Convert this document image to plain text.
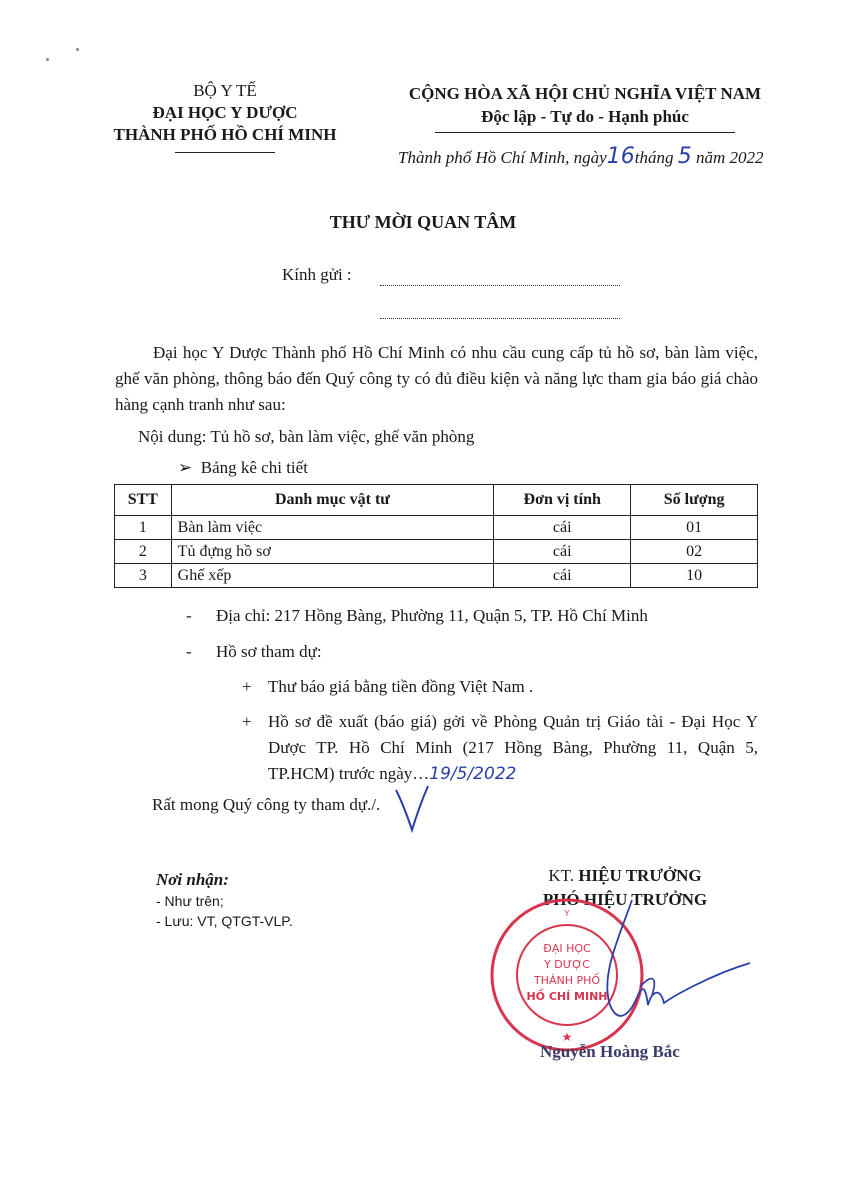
BỘ Y TẾ
ĐẠI HỌC Y DƯỢC
THÀNH PHỐ HỒ CHÍ MINH
CỘNG HÒA XÃ HỘI CHỦ NGHĨA VIỆT NAM
Độc lập - Tự do - Hạnh phúc
Thành phố Hồ Chí Minh, ngày16tháng 5 năm 2022
THƯ MỜI QUAN TÂM
Kính gửi :
Đại học Y Dược Thành phố Hồ Chí Minh có nhu cầu cung cấp tủ hồ sơ, bàn làm việc, ghế văn phòng, thông báo đến Quý công ty có đủ điều kiện và năng lực tham gia báo giá chào hàng cạnh tranh như sau:
Nội dung: Tủ hồ sơ, bàn làm việc, ghế văn phòng
➢ Bảng kê chi tiết
STT	Danh mục vật tư	Đơn vị tính	Số lượng
1	Bàn làm việc	cái	01
2	Tủ đựng hồ sơ	cái	02
3	Ghế xếp	cái	10
- Địa chỉ: 217 Hồng Bàng, Phường 11, Quận 5, TP. Hồ Chí Minh
- Hồ sơ tham dự:
+ Thư báo giá bằng tiền đồng Việt Nam .
+ Hồ sơ đề xuất (báo giá) gởi về Phòng Quản trị Giáo tài - Đại Học Y Dược TP. Hồ Chí Minh (217 Hồng Bàng, Phường 11, Quận 5, TP.HCM) trước ngày…19/5/2022
Rất mong Quý công ty tham dự./.
Nơi nhận:
- Như trên;
- Lưu: VT, QTGT-VLP.
KT. HIỆU TRƯỞNG
PHÓ HIỆU TRƯỞNG
ĐẠI HỌC
Y DƯỢC
THÀNH PHỐ
HỒ CHÍ MINH
★
Y
Nguyễn Hoàng Bắc
